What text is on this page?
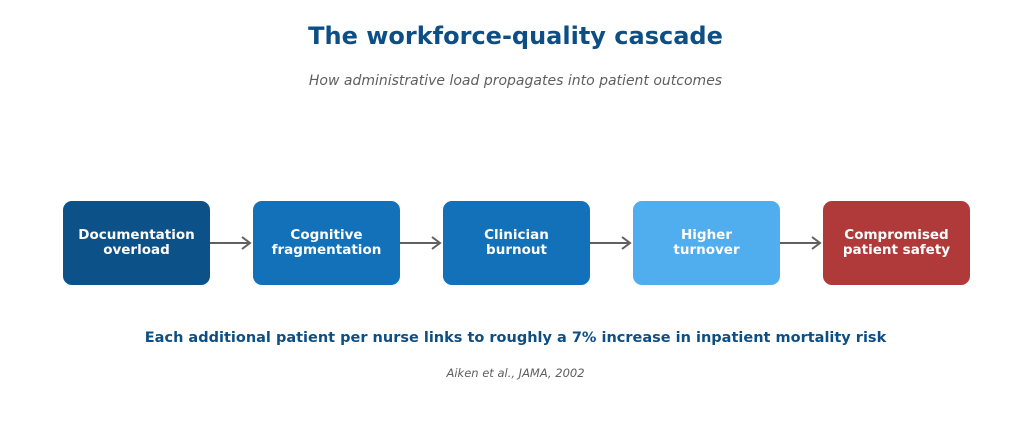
The workforce-quality cascade
How administrative load propagates into patient outcomes
Documentation
overload
Cognitive
fragmentation
Clinician
burnout
Higher
turnover
Compromised
patient safety
Each additional patient per nurse links to roughly a 7% increase in inpatient mortality risk
Aiken et al., JAMA, 2002
